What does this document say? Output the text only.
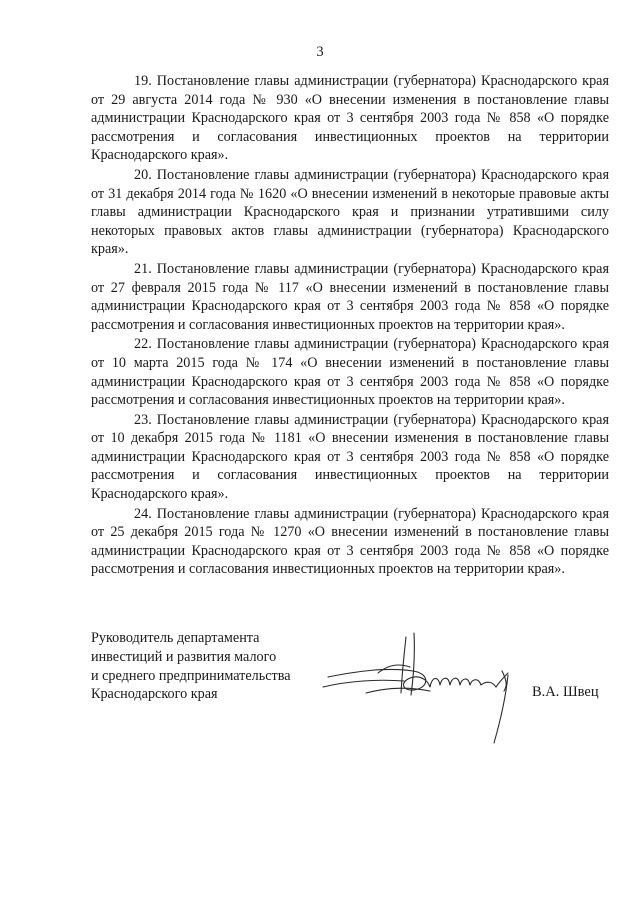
3

19. Постановление главы администрации (губернатора) Краснодарского края от 29 августа 2014 года № 930 «О внесении изменения в постановление главы администрации Краснодарского края от 3 сентября 2003 года № 858 «О порядке рассмотрения и согласования инвестиционных проектов на территории Краснодарского края».

20. Постановление главы администрации (губернатора) Краснодарского края от 31 декабря 2014 года № 1620 «О внесении изменений в некоторые правовые акты главы администрации Краснодарского края и признании утратившими силу некоторых правовых актов главы администрации (губернатора) Краснодарского края».

21. Постановление главы администрации (губернатора) Краснодарского края от 27 февраля 2015 года № 117 «О внесении изменений в постановление главы администрации Краснодарского края от 3 сентября 2003 года № 858 «О порядке рассмотрения и согласования инвестиционных проектов на территории края».

22. Постановление главы администрации (губернатора) Краснодарского края от 10 марта 2015 года № 174 «О внесении изменений в постановление главы администрации Краснодарского края от 3 сентября 2003 года № 858 «О порядке рассмотрения и согласования инвестиционных проектов на территории края».

23. Постановление главы администрации (губернатора) Краснодарского края от 10 декабря 2015 года № 1181 «О внесении изменения в постановление главы администрации Краснодарского края от 3 сентября 2003 года № 858 «О порядке рассмотрения и согласования инвестиционных проектов на территории Краснодарского края».

24. Постановление главы администрации (губернатора) Краснодарского края от 25 декабря 2015 года № 1270 «О внесении изменений в постановление главы администрации Краснодарского края от 3 сентября 2003 года № 858 «О порядке рассмотрения и согласования инвестиционных проектов на территории края».

Руководитель департамента
инвестиций и развития малого
и среднего предпринимательства
Краснодарского края	В.А. Швец
